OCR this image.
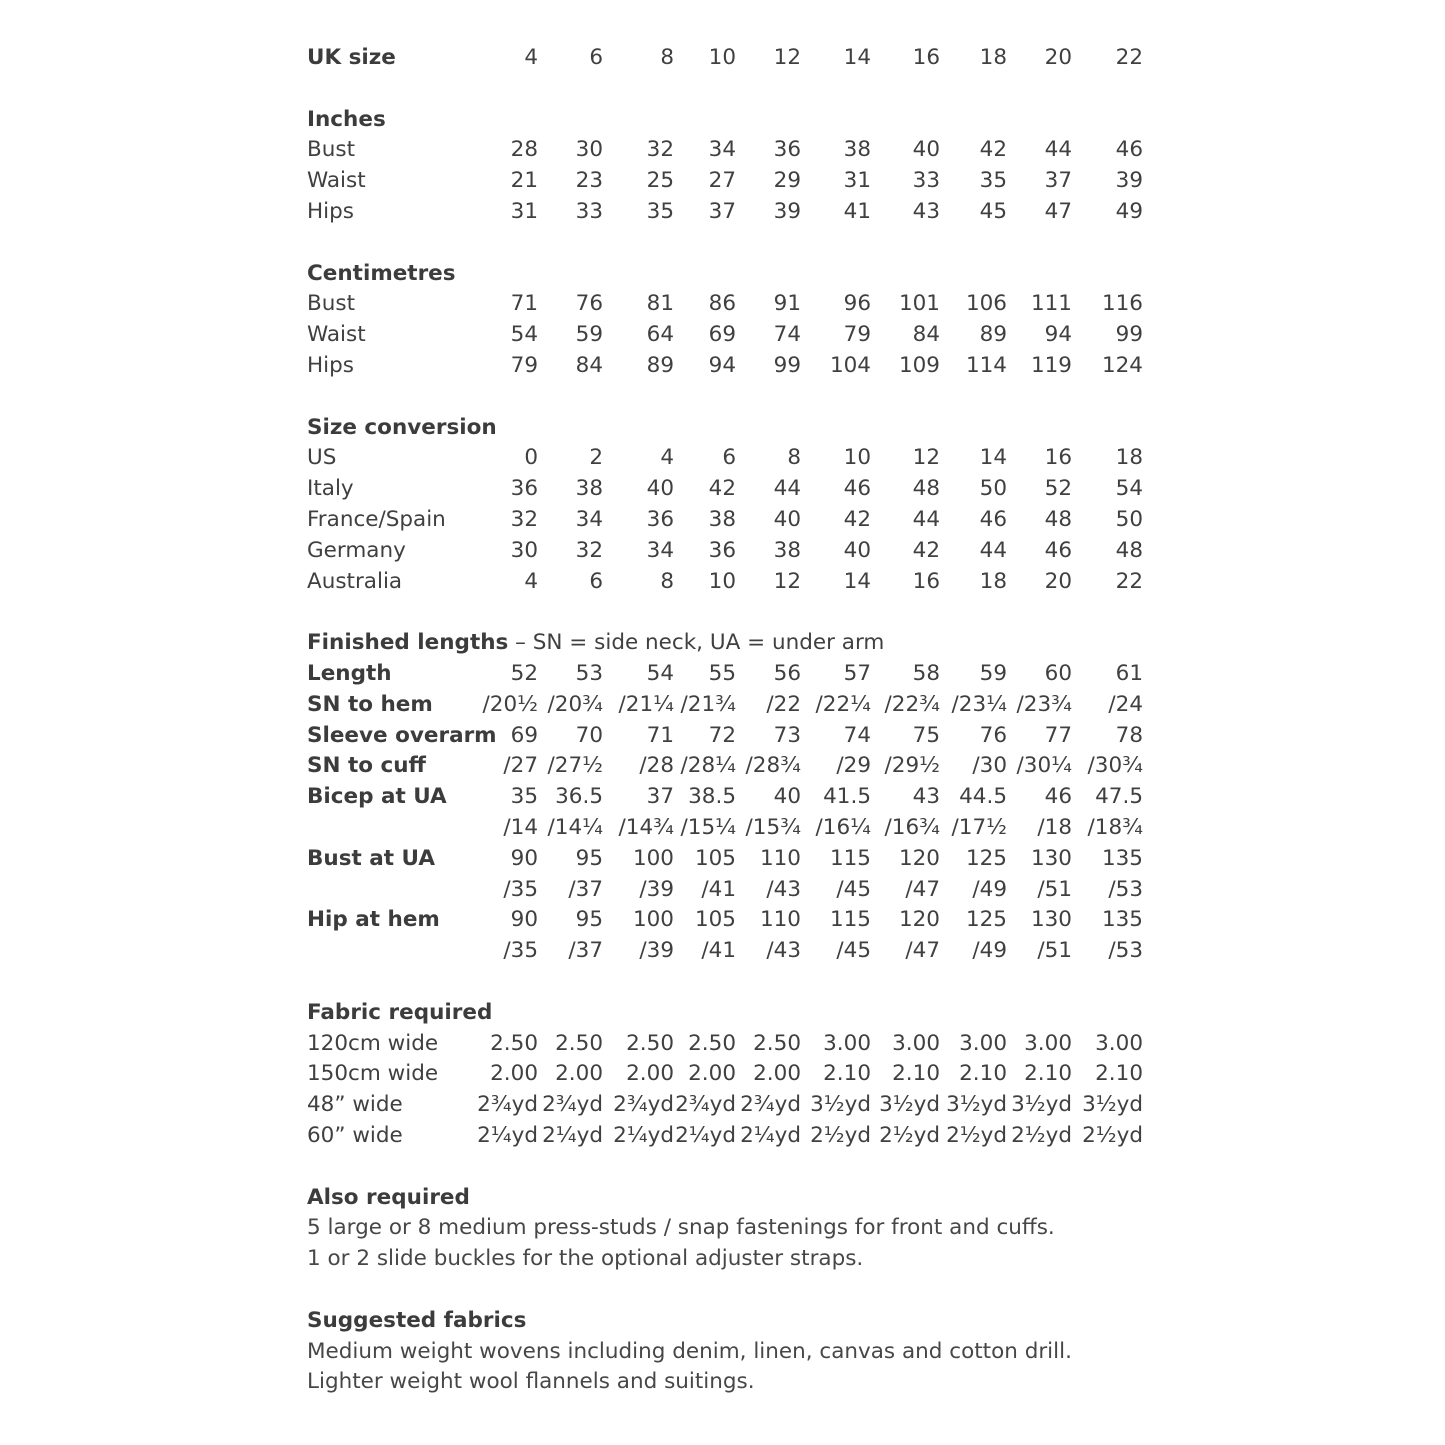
UK size	4 6	8 10 12 14 16 18 20 22
Inches
Bust	28 30 32 34 36 38 40 42 44 46
Waist	21 23 25 27 29 31 33 35 37 39
Hips	31 33 35 37 39 41 43 45 47 49
Centimetres
Bust	71 76 81 86 91 96 101 106 111 116
Waist	54 59 64 69 74 79 84 89 94 99
Hips	79 84 89 94 99 104 109 114 119 124
Size conversion
US	0 2	4 6 8 10 12 14 16 18
Italy	36 38 40 42 44 46 48 50 52 54
France/Spain	32 34 36 38 40 42 44 46 48 50
Germany	30 32 34 36 38 40 42 44 46 48
Australia	4 6	8 10 12 14 16 18 20 22
Finished lengths – SN = side neck, UA = under arm
Length	52 53 54 55 56 57 58 59 60 61
SN to hem /20½ /20¾ /21¼ /21¾ /22 /22¼ /22¾ /23¼ /23¾ /24
Sleeve overarm 69 70 71 72 73 74 75 76 77 78
SN to cuff	/27 /27½ /28 /28¼ /28¾ /29 /29½ /30 /30¼ /30¾
Bicep at UA	35 36.5 37 38.5 40 41.5 43 44.5 46 47.5
/14 /14¼ /14¾ /15¼ /15¾ /16¼ /16¾ /17½ /18 /18¾
Bust at UA	90 95 100 105 110 115 120 125 130 135
/35 /37 /39 /41 /43 /45 /47 /49 /51 /53
Hip at hem	90 95 100 105 110 115 120 125 130 135
/35 /37 /39 /41 /43 /45 /47 /49 /51 /53
Fabric required
120cm wide 2.50 2.50 2.50 2.50 2.50 3.00 3.00 3.00 3.00 3.00
150cm wide 2.00 2.00 2.00 2.00 2.00 2.10 2.10 2.10 2.10 2.10
48” wide	2¾yd 2¾yd 2¾yd 2¾yd 2¾yd 3½yd 3½yd 3½yd 3½yd 3½yd
60” wide	2¼yd 2¼yd 2¼yd 2¼yd 2¼yd 2½yd 2½yd 2½yd 2½yd 2½yd
Also required
5 large or 8 medium press-studs / snap fastenings for front and cuffs.
1 or 2 slide buckles for the optional adjuster straps.
Suggested fabrics
Medium weight wovens including denim, linen, canvas and cotton drill.
Lighter weight wool flannels and suitings.
